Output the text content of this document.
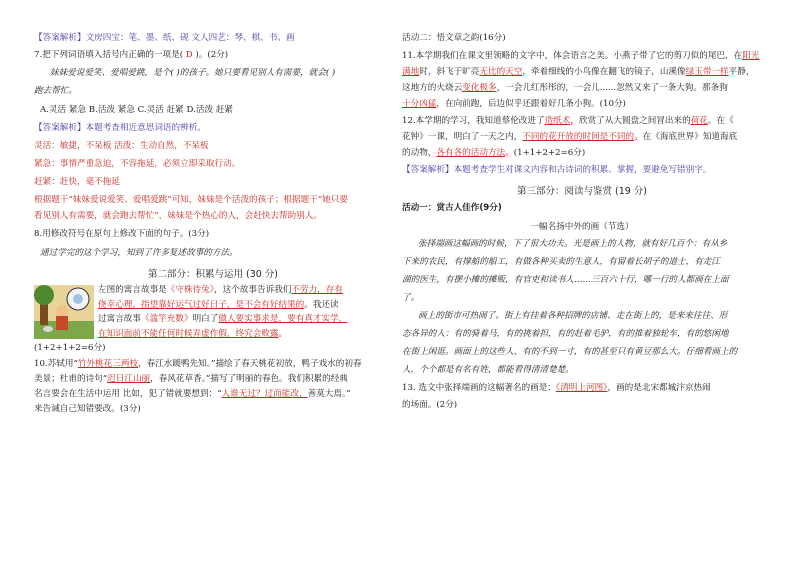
【答案解析】文房四宝：笔、墨、纸、砚 文人四艺：琴、棋、书、画

7.把下列词语填入括号内正确的一项是( D )。(2分)

妹妹爱说爱笑、爱唱爱跳，是个( )的孩子。她只要看见别人有需要，就会( )

跑去帮忙。

A.灵活 紧急 B.活泼 紧急 C.灵活 赶紧 D.活泼 赶紧

【答案解析】本题考查相近意思词语的辨析。

灵活：敏捷，不呆板 活泼：生动自然，不呆板

紧急：事情严重急迫，不容拖延，必须立即采取行动。

赶紧：赶快，毫不拖延

根据题干“妹妹爱说爱笑、爱唱爱跳”可知，妹妹是个活泼的孩子；根据题干“她只要

看见别人有需要，就会跑去帮忙”，妹妹是个热心的人，会赶快去帮助别人。

8.用修改符号在原句上修改下面的句子。(3分)

通过学完的这个学习，知到了许多复述故事的方法。

第二部分：积累与运用 (30 分)

左图的寓言故事是《守株待兔》，这个故事告诉我们不劳力，存有

侥幸心理，指望靠好运气过好日子，是不会有好结果的。我还读

过寓言故事《滥竽充数》明白了做人要实事求是，要有真才实学，

在知识面前不能任何时候弄虚作假，终究会败露。

(1+2+1+2=6分)

10.苏轼用“竹外桃花三两枝，春江水暖鸭先知。”描绘了春天桃花初放，鸭子戏水的初春

美景；杜甫的诗句“迟日江山丽，春风花草香。”描写了明丽的春色。我们积累的经典

名言要会在生活中运用 比如，犯了错就要想到：“人谁无过？过而能改，善莫大焉。”

来告诫自己知错要改。(3分)

活动二：悟文章之韵(16分)

11.本学期我们在课文里领略的文字中，体会语言之美。小燕子带了它的剪刀似的尾巴，在阳光

满地时，斜飞于旷亮无比的天空，牵着细线的小鸟像在翻飞的镜子，山溪像绿玉带一样平静，

这地方的火烧云变化极多，一会儿红彤彤的，一会儿......忽然又来了一条大狗。那条狗

十分凶猛，在向前跑，后边似乎还跟着好几条小狗。(10分)

12.本学期的学习，我知道蔡伦改进了造纸术，欣赏了从大圆盘之间冒出来的荷花。在《

花钟》一课，明白了一天之内，不同的花开放的时间是不同的。在《海底世界》知道海底

的动物，各有各的活动方法。(1+1+2+2=6分)

【答案解析】本题考查学生对课文内容和古诗词的积累、掌握，要避免写错别字。

第三部分：阅读与鉴赏 (19 分)

活动一：赏古人佳作(9分)

一幅名扬中外的画（节选）

张择端画这幅画的时候，下了很大功夫。光是画上的人物，就有好几百个：有从乡

下来的农民，有撑船的船工，有做各种买卖的生意人，有留着长胡子的道士，有走江

湖的医生，有摆小摊的摊贩，有官吏和读书人……三百六十行，哪一行的人都画在上面

了。

画上的街市可热闹了。街上有挂着各种招牌的店铺、走在街上的，是来来往往、形

态各异的人：有的骑着马，有的挑着担，有的赶着毛驴，有的推着独轮车，有的悠闲地

在街上闲逛。画面上的这些人，有的不到一寸，有的甚至只有黄豆那么大。仔细看画上的

人，个个都是有名有姓，都能看得清清楚楚。

13. 选文中张择端画的这幅著名的画是：《清明上河图》，画的是北宋都城汴京热闹

的场面。(2分)
